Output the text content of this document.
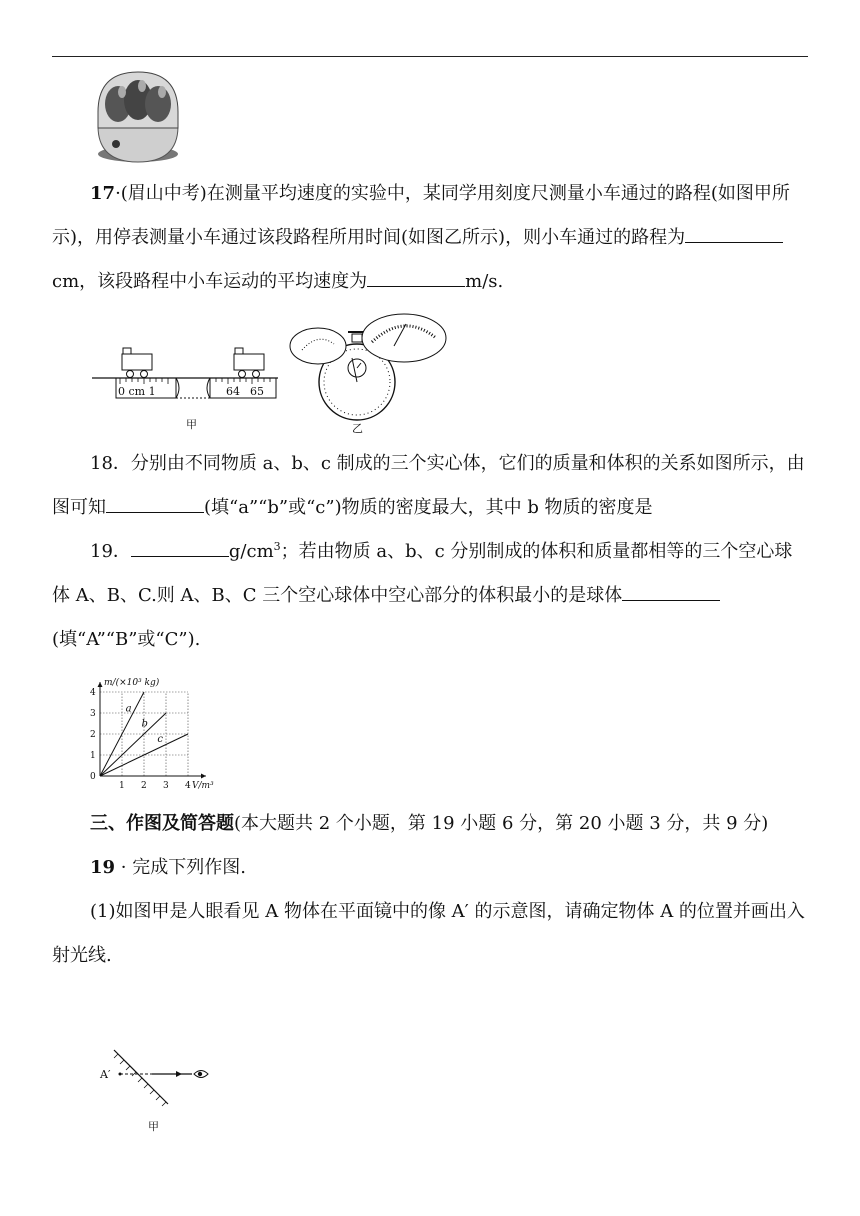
17·(眉山中考)在测量平均速度的实验中，某同学用刻度尺测量小车通过的路程(如图甲所示)，用停表测量小车通过该段路程所用时间(如图乙所示)，则小车通过的路程为cm，该段路程中小车运动的平均速度为	m/s.

0 cm 1	64 65
甲	乙

18．分别由不同物质 a、b、c 制成的三个实心体，它们的质量和体积的关系如图所示，由图可知	(填“a”“b”或“c”)物质的密度最大，其中 b 物质的密度是

19．	$g/cm^3$；若由物质 a、b、c 分别制成的体积和质量都相等的三个空心球体 A、B、C.则 A、B、C 三个空心球体中空心部分的体积最小的是球体(填“A”“B”或“C”).

1 2 3 4
0
1
2
3
4
a
b
c
m/(×10³ kg)
V/m³

三、作图及简答题(本大题共 2 个小题，第 19 小题 6 分，第 20 小题 3 分，共 9 分)

19 · 完成下列作图.

(1)如图甲是人眼看见 A 物体在平面镜中的像 A′ 的示意图，请确定物体 A 的位置并画出入射光线.

A′
甲
